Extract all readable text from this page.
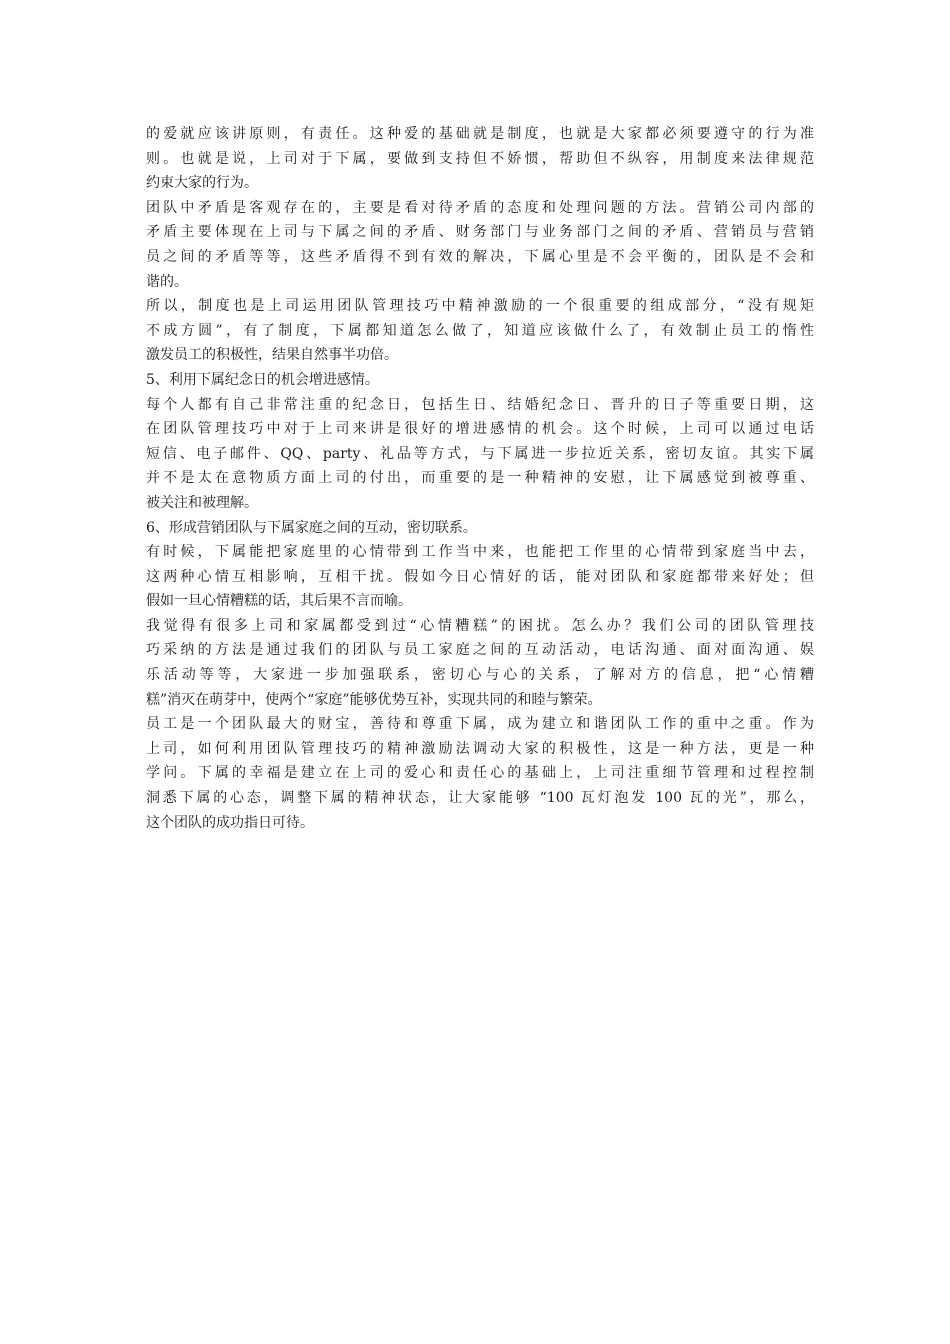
的爱就应该讲原则，有责任。这种爱的基础就是制度，也就是大家都必须要遵守的行为准
则。也就是说，上司对于下属，要做到支持但不娇惯，帮助但不纵容，用制度来法律规范
约束大家的行为。
团队中矛盾是客观存在的，主要是看对待矛盾的态度和处理问题的方法。营销公司内部的
矛盾主要体现在上司与下属之间的矛盾、财务部门与业务部门之间的矛盾、营销员与营销
员之间的矛盾等等，这些矛盾得不到有效的解决，下属心里是不会平衡的，团队是不会和
谐的。
所以，制度也是上司运用团队管理技巧中精神激励的一个很重要的组成部分，“没有规矩
不成方圆”，有了制度，下属都知道怎么做了，知道应该做什么了，有效制止员工的惰性
激发员工的积极性，结果自然事半功倍。
5、利用下属纪念日的机会增进感情。
每个人都有自己非常注重的纪念日，包括生日、结婚纪念日、晋升的日子等重要日期，这
在团队管理技巧中对于上司来讲是很好的增进感情的机会。这个时候，上司可以通过电话
短信、电子邮件、QQ、party、礼品等方式，与下属进一步拉近关系，密切友谊。其实下属
并不是太在意物质方面上司的付出，而重要的是一种精神的安慰，让下属感觉到被尊重、
被关注和被理解。
6、形成营销团队与下属家庭之间的互动，密切联系。
有时候，下属能把家庭里的心情带到工作当中来，也能把工作里的心情带到家庭当中去，
这两种心情互相影响，互相干扰。假如今日心情好的话，能对团队和家庭都带来好处；但
假如一旦心情糟糕的话，其后果不言而喻。
我觉得有很多上司和家属都受到过“心情糟糕”的困扰。怎么办？我们公司的团队管理技
巧采纳的方法是通过我们的团队与员工家庭之间的互动活动，电话沟通、面对面沟通、娱
乐活动等等，大家进一步加强联系，密切心与心的关系，了解对方的信息，把“心情糟
糕”消灭在萌芽中，使两个“家庭”能够优势互补，实现共同的和睦与繁荣。
员工是一个团队最大的财宝，善待和尊重下属，成为建立和谐团队工作的重中之重。作为
上司，如何利用团队管理技巧的精神激励法调动大家的积极性，这是一种方法，更是一种
学问。下属的幸福是建立在上司的爱心和责任心的基础上，上司注重细节管理和过程控制
洞悉下属的心态，调整下属的精神状态，让大家能够 “100 瓦灯泡发 100 瓦的光”，那么，
这个团队的成功指日可待。
